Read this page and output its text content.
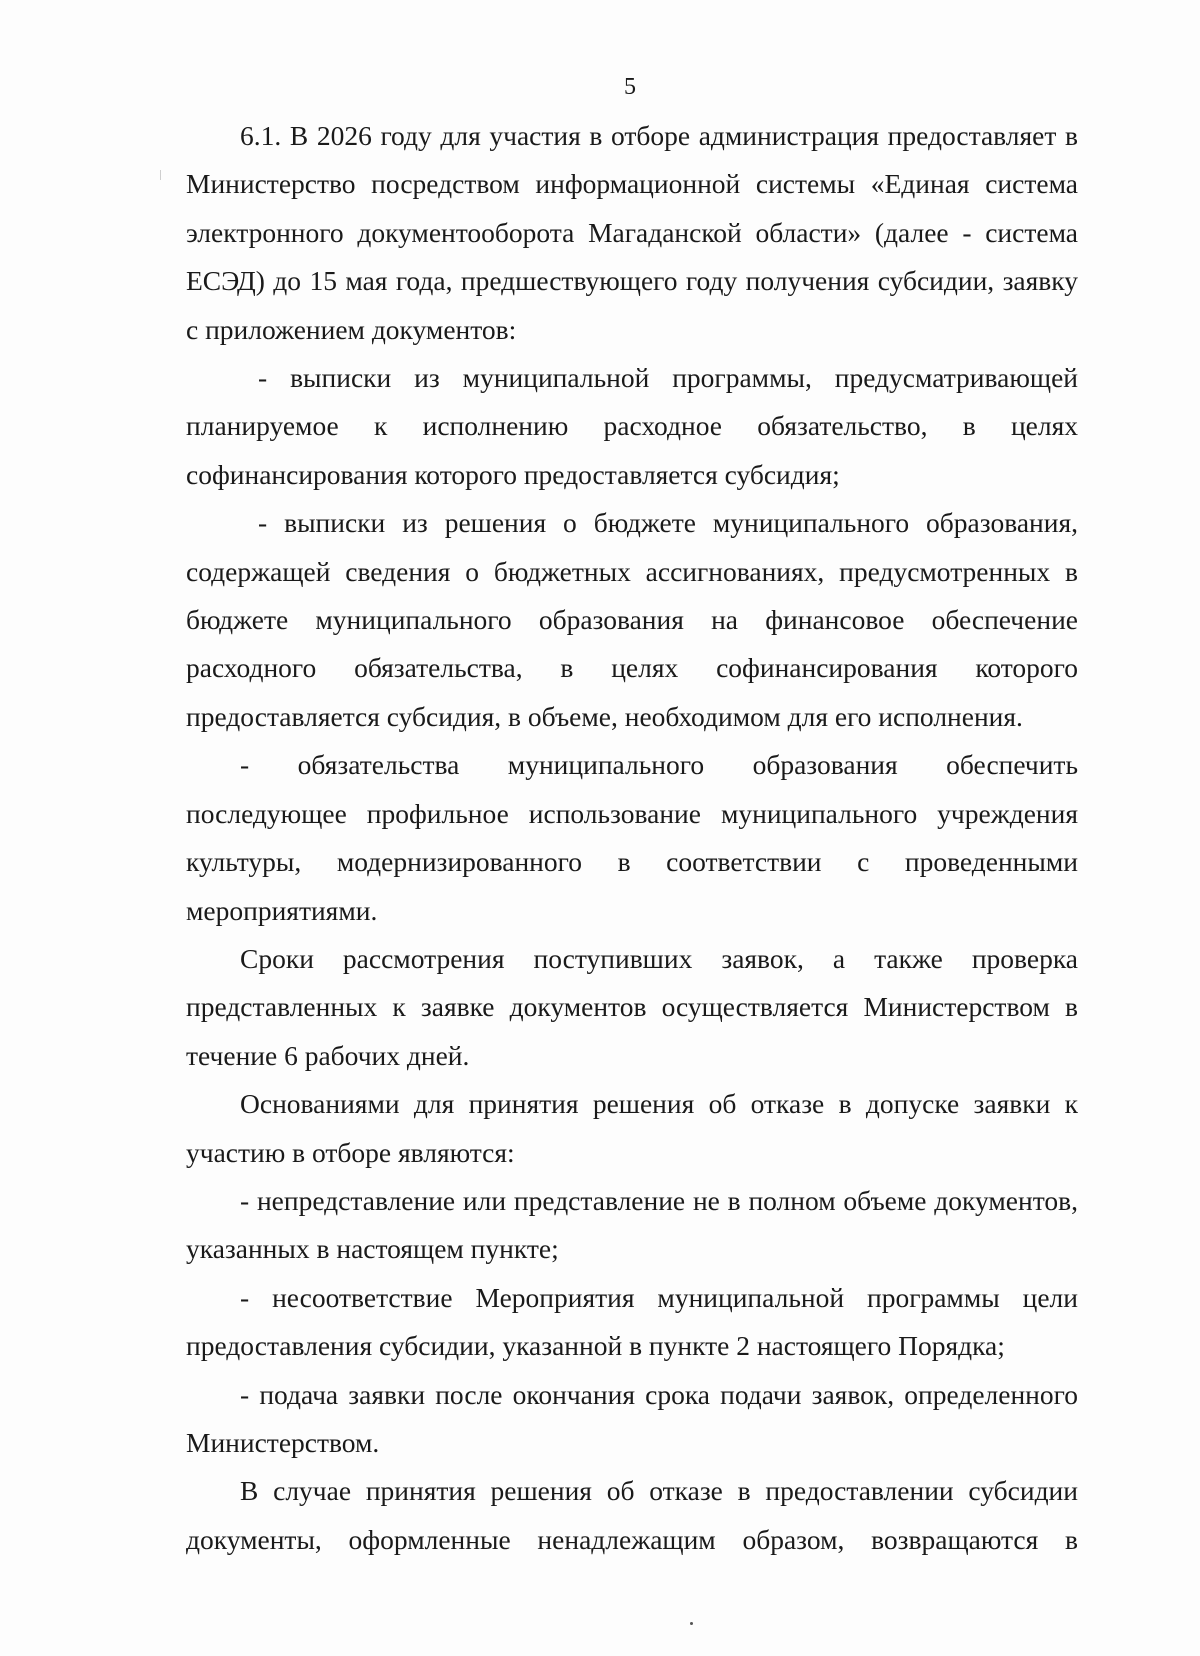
5

6.1. В 2026 году для участия в отборе администрация предоставляет в Министерство посредством информационной системы «Единая система электронного документооборота Магаданской области» (далее - система ЕСЭД) до 15 мая года, предшествующего году получения субсидии, заявку с приложением документов:

- выписки из муниципальной программы, предусматривающей планируемое к исполнению расходное обязательство, в целях софинансирования которого предоставляется субсидия;

- выписки из решения о бюджете муниципального образования, содержащей сведения о бюджетных ассигнованиях, предусмотренных в бюджете муниципального образования на финансовое обеспечение расходного обязательства, в целях софинансирования которого предоставляется субсидия, в объеме, необходимом для его исполнения.

- обязательства муниципального образования обеспечить последующее профильное использование муниципального учреждения культуры, модернизированного в соответствии с проведенными мероприятиями.

Сроки рассмотрения поступивших заявок, а также проверка представленных к заявке документов осуществляется Министерством в течение 6 рабочих дней.

Основаниями для принятия решения об отказе в допуске заявки к участию в отборе являются:

- непредставление или представление не в полном объеме документов, указанных в настоящем пункте;

- несоответствие Мероприятия муниципальной программы цели предоставления субсидии, указанной в пункте 2 настоящего Порядка;

- подача заявки после окончания срока подачи заявок, определенного Министерством.

В случае принятия решения об отказе в предоставлении субсидии документы, оформленные ненадлежащим образом, возвращаются в
